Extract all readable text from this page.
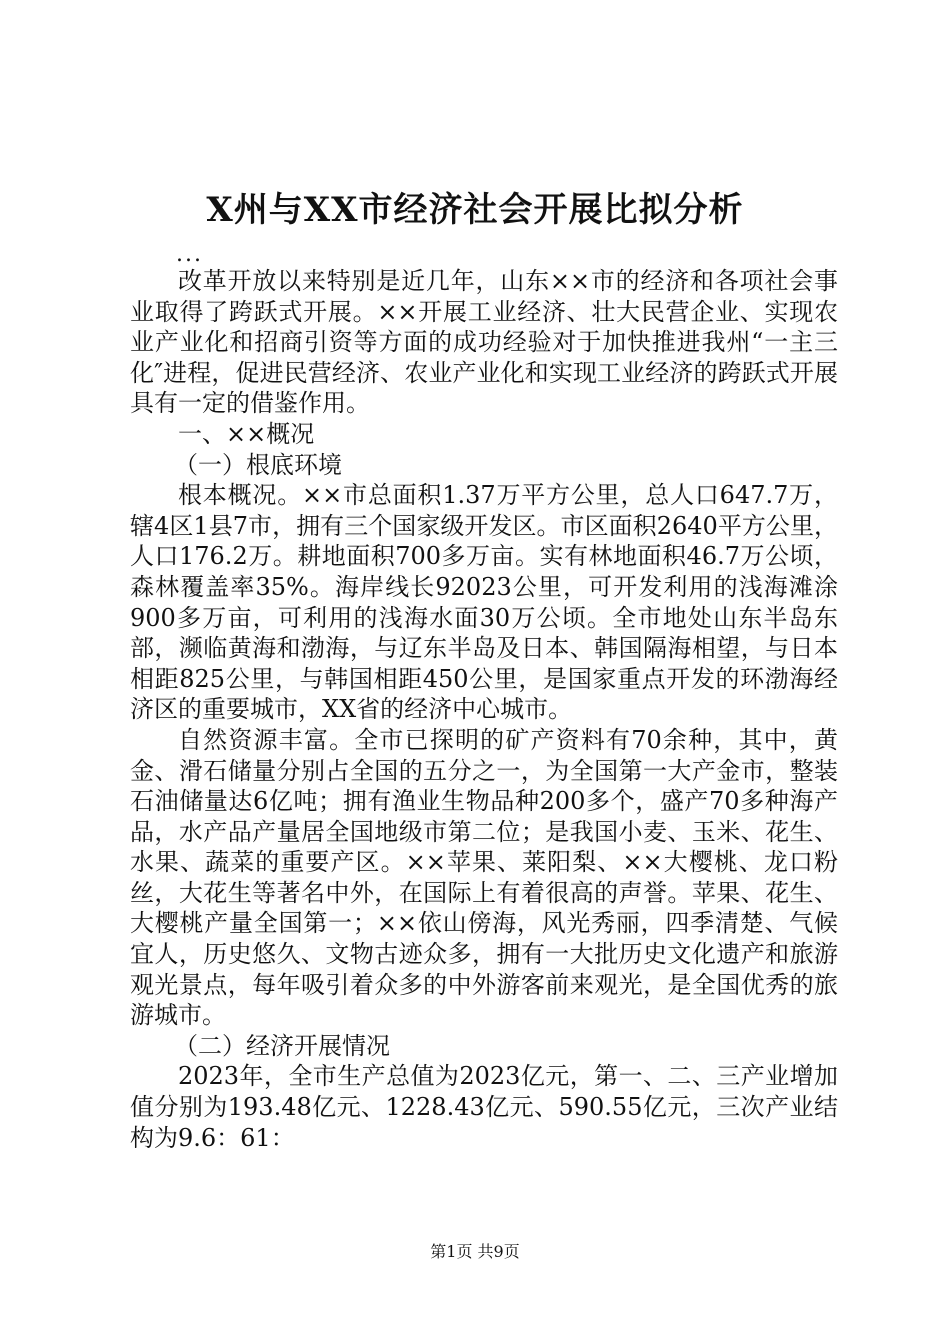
X州与XX市经济社会开展比拟分析
...

改革开放以来特别是近几年，山东××市的经济和各项社会事业取得了跨跃式开展。××开展工业经济、壮大民营企业、实现农业产业化和招商引资等方面的成功经验对于加快推进我州“一主三化″进程，促进民营经济、农业产业化和实现工业经济的跨跃式开展具有一定的借鉴作用。

一、××概况

（一）根底环境

根本概况。××市总面积1.37万平方公里，总人口647.7万，辖4区1县7市，拥有三个国家级开发区。市区面积2640平方公里，人口176.2万。耕地面积700多万亩。实有林地面积46.7万公顷，森林覆盖率35%。海岸线长92023公里，可开发利用的浅海滩涂900多万亩，可利用的浅海水面30万公顷。全市地处山东半岛东部，濒临黄海和渤海，与辽东半岛及日本、韩国隔海相望，与日本相距825公里，与韩国相距450公里，是国家重点开发的环渤海经济区的重要城市，XX省的经济中心城市。

自然资源丰富。全市已探明的矿产资料有70余种，其中，黄金、滑石储量分别占全国的五分之一，为全国第一大产金市，整装石油储量达6亿吨；拥有渔业生物品种200多个，盛产70多种海产品，水产品产量居全国地级市第二位；是我国小麦、玉米、花生、水果、蔬菜的重要产区。××苹果、莱阳梨、××大樱桃、龙口粉丝，大花生等著名中外，在国际上有着很高的声誉。苹果、花生、大樱桃产量全国第一；××依山傍海，风光秀丽，四季清楚、气候宜人，历史悠久、文物古迹众多，拥有一大批历史文化遗产和旅游观光景点，每年吸引着众多的中外游客前来观光，是全国优秀的旅游城市。

（二）经济开展情况

2023年，全市生产总值为2023亿元，第一、二、三产业增加值分别为193.48亿元、1228.43亿元、590.55亿元，三次产业结构为9.6：61：

第1页 共9页
